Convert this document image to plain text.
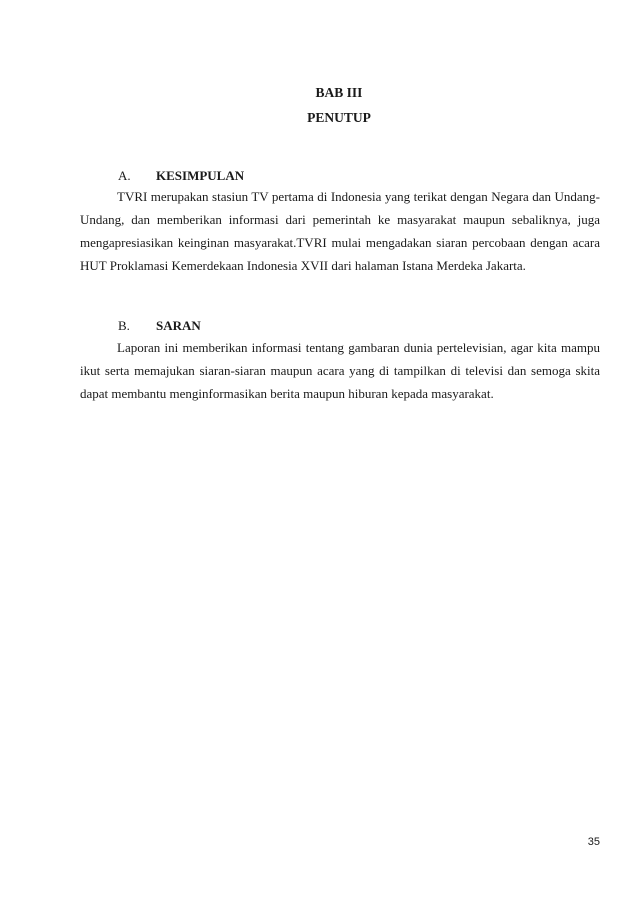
BAB III
PENUTUP
A. KESIMPULAN

TVRI merupakan stasiun TV pertama di Indonesia yang terikat dengan Negara dan Undang-Undang, dan memberikan informasi dari pemerintah ke masyarakat maupun sebaliknya, juga mengapresiasikan keinginan masyarakat.TVRI mulai mengadakan siaran percobaan dengan acara HUT Proklamasi Kemerdekaan Indonesia XVII dari halaman Istana Merdeka Jakarta.

B. SARAN

Laporan ini memberikan informasi tentang gambaran dunia pertelevisian, agar kita mampu ikut serta memajukan siaran-siaran maupun acara yang di tampilkan di televisi dan semoga skita dapat membantu menginformasikan berita maupun hiburan kepada masyarakat.

35
